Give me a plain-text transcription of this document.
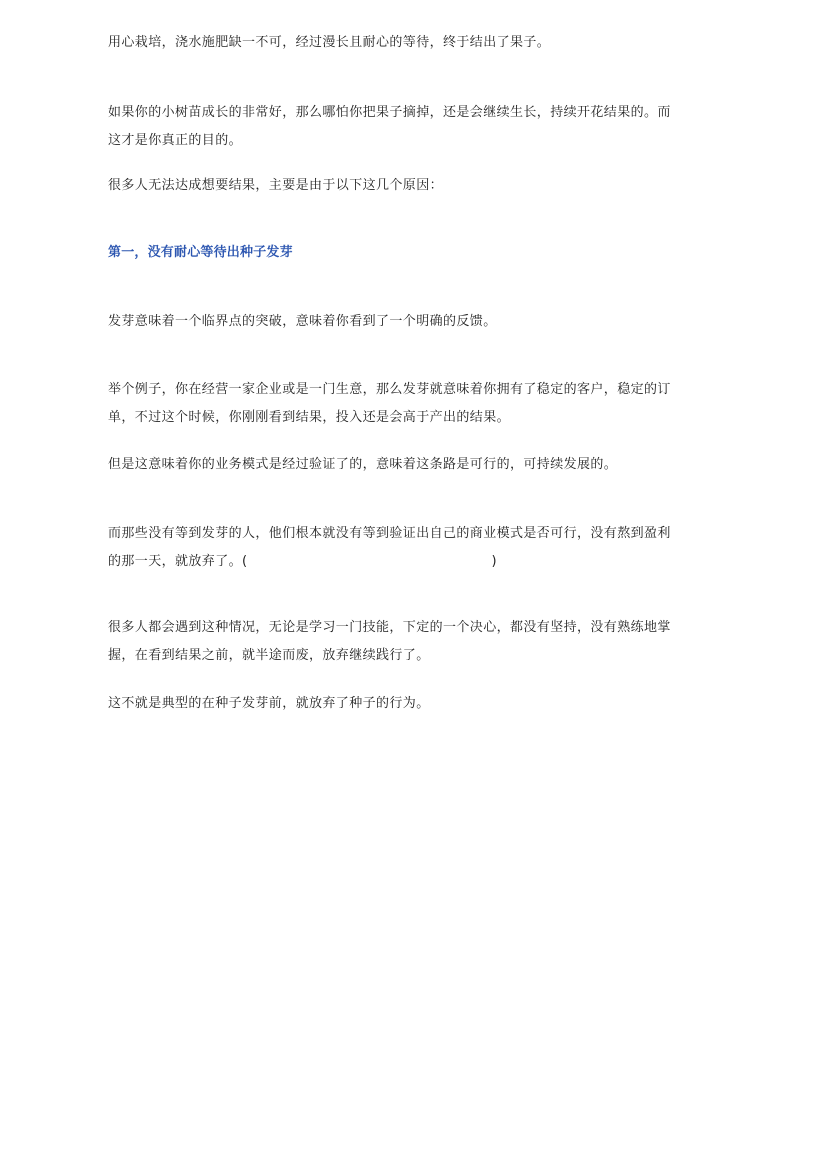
用心栽培，浇水施肥缺一不可，经过漫长且耐心的等待，终于结出了果子。
如果你的小树苗成长的非常好，那么哪怕你把果子摘掉，还是会继续生长，持续开花结果的。而
这才是你真正的目的。
很多人无法达成想要结果，主要是由于以下这几个原因：
第一，没有耐心等待出种子发芽
发芽意味着一个临界点的突破，意味着你看到了一个明确的反馈。
举个例子，你在经营一家企业或是一门生意，那么发芽就意味着你拥有了稳定的客户，稳定的订
单，不过这个时候，你刚刚看到结果，投入还是会高于产出的结果。
但是这意味着你的业务模式是经过验证了的，意味着这条路是可行的，可持续发展的。
而那些没有等到发芽的人，他们根本就没有等到验证出自己的商业模式是否可行，没有熬到盈利
的那一天，就放弃了。(	)
很多人都会遇到这种情况，无论是学习一门技能，下定的一个决心，都没有坚持，没有熟练地掌
握，在看到结果之前，就半途而废，放弃继续践行了。
这不就是典型的在种子发芽前，就放弃了种子的行为。
